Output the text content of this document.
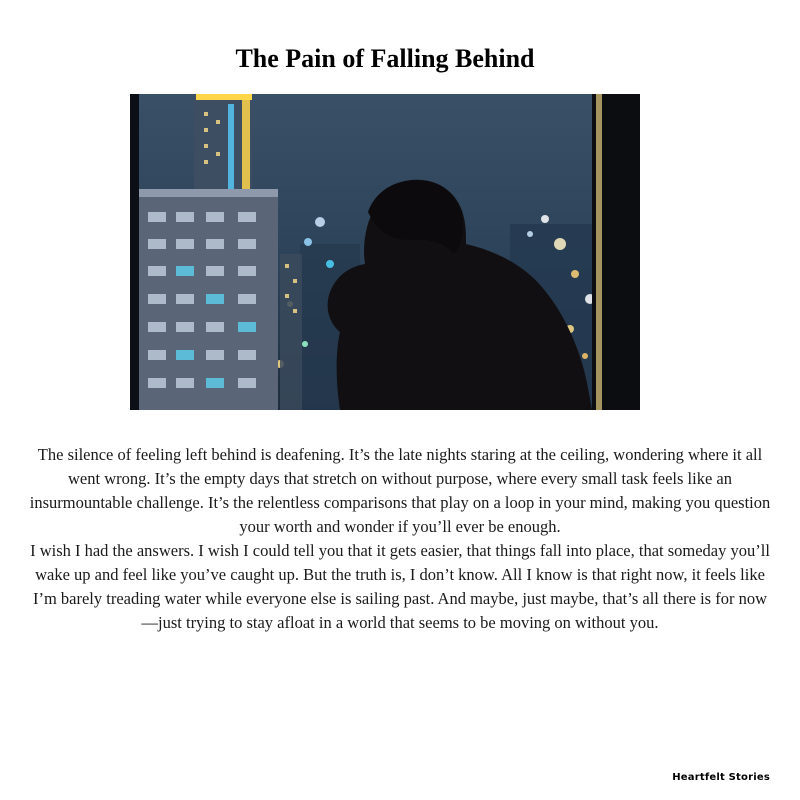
The Pain of Falling Behind

The silence of feeling left behind is deafening. It’s the late nights staring at the ceiling, wondering where it all went wrong. It’s the empty days that stretch on without purpose, where every small task feels like an insurmountable challenge. It’s the relentless comparisons that play on a loop in your mind, making you question your worth and wonder if you’ll ever be enough.

I wish I had the answers. I wish I could tell you that it gets easier, that things fall into place, that someday you’ll wake up and feel like you’ve caught up. But the truth is, I don’t know. All I know is that right now, it feels like I’m barely treading water while everyone else is sailing past. And maybe, just maybe, that’s all there is for now—just trying to stay afloat in a world that seems to be moving on without you.

Heartfelt Stories
